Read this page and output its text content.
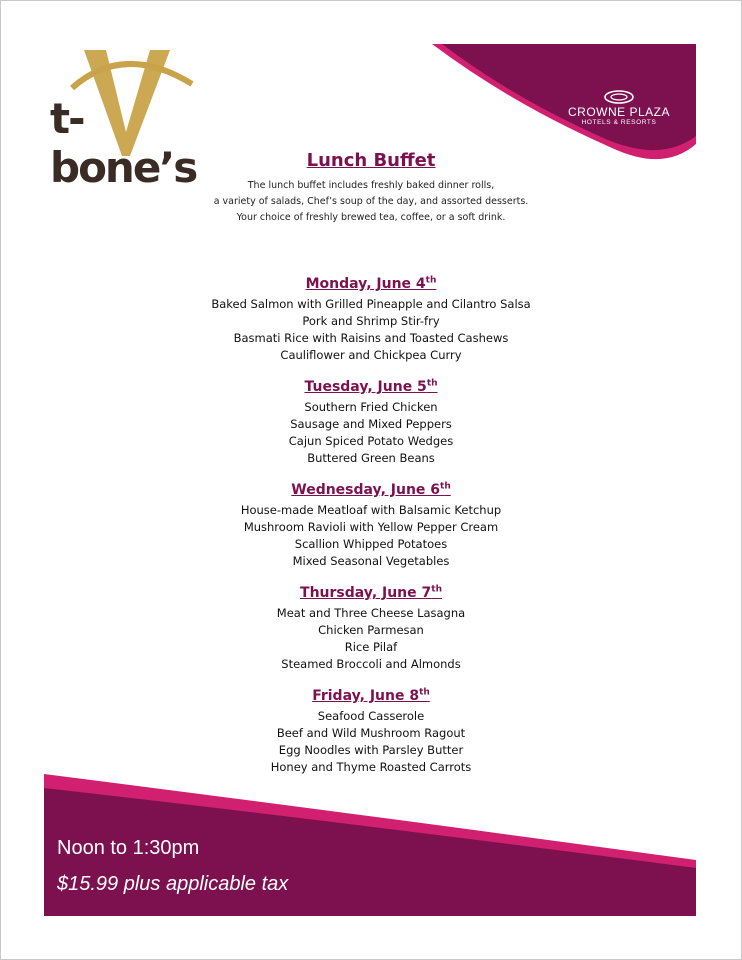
t-bone’s
CROWNE PLAZA
HOTELS & RESORTS
Lunch Buffet
The lunch buffet includes freshly baked dinner rolls,
a variety of salads, Chef’s soup of the day, and assorted desserts.
Your choice of freshly brewed tea, coffee, or a soft drink.
Monday, June 4th
Baked Salmon with Grilled Pineapple and Cilantro Salsa
Pork and Shrimp Stir-fry
Basmati Rice with Raisins and Toasted Cashews
Cauliflower and Chickpea Curry
Tuesday, June 5th
Southern Fried Chicken
Sausage and Mixed Peppers
Cajun Spiced Potato Wedges
Buttered Green Beans
Wednesday, June 6th
House-made Meatloaf with Balsamic Ketchup
Mushroom Ravioli with Yellow Pepper Cream
Scallion Whipped Potatoes
Mixed Seasonal Vegetables
Thursday, June 7th
Meat and Three Cheese Lasagna
Chicken Parmesan
Rice Pilaf
Steamed Broccoli and Almonds
Friday, June 8th
Seafood Casserole
Beef and Wild Mushroom Ragout
Egg Noodles with Parsley Butter
Honey and Thyme Roasted Carrots
Noon to 1:30pm
$15.99 plus applicable tax
